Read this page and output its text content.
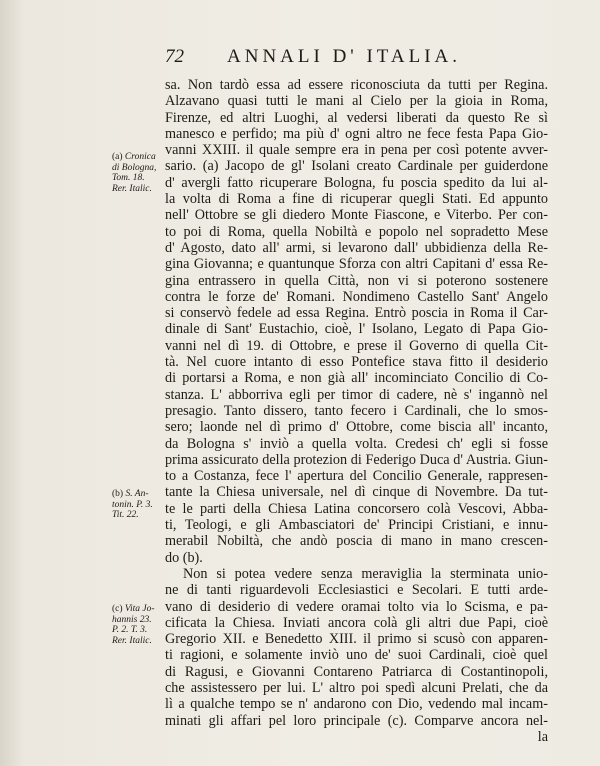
72 ANNALI D' ITALIA.
sa. Non tardò essa ad essere riconosciuta da tutti per Regina.
Alzavano quasi tutti le mani al Cielo per la gioia in Roma,
Firenze, ed altri Luoghi, al vedersi liberati da questo Re sì
manesco e perfido; ma più d' ogni altro ne fece festa Papa Gio-
vanni XXIII. il quale sempre era in pena per così potente avver-
sario. (a) Jacopo de gl' Isolani creato Cardinale per guiderdone
d' avergli fatto ricuperare Bologna, fu poscia spedito da lui al-
la volta di Roma a fine di ricuperar quegli Stati. Ed appunto
nell' Ottobre se gli diedero Monte Fiascone, e Viterbo. Per con-
to poi di Roma, quella Nobiltà e popolo nel sopradetto Mese
d' Agosto, dato all' armi, si levarono dall' ubbidienza della Re-
gina Giovanna; e quantunque Sforza con altri Capitani d' essa Re-
gina entrassero in quella Città, non vi si poterono sostenere
contra le forze de' Romani. Nondimeno Castello Sant' Angelo
si conservò fedele ad essa Regina. Entrò poscia in Roma il Car-
dinale di Sant' Eustachio, cioè, l' Isolano, Legato di Papa Gio-
vanni nel dì 19. di Ottobre, e prese il Governo di quella Cit-
tà. Nel cuore intanto di esso Pontefice stava fitto il desiderio
di portarsi a Roma, e non già all' incominciato Concilio di Co-
stanza. L' abborriva egli per timor di cadere, nè s' ingannò nel
presagio. Tanto dissero, tanto fecero i Cardinali, che lo smos-
sero; laonde nel dì primo d' Ottobre, come biscia all' incanto,
da Bologna s' inviò a quella volta. Credesi ch' egli si fosse
prima assicurato della protezion di Federigo Duca d' Austria. Giun-
to a Costanza, fece l' apertura del Concilio Generale, rappresen-
tante la Chiesa universale, nel dì cinque di Novembre. Da tut-
te le parti della Chiesa Latina concorsero colà Vescovi, Abba-
ti, Teologi, e gli Ambasciatori de' Principi Cristiani, e innu-
merabil Nobiltà, che andò poscia di mano in mano crescen-
do (b).
Non si potea vedere senza meraviglia la sterminata unio-
ne di tanti riguardevoli Ecclesiastici e Secolari. E tutti arde-
vano di desiderio di vedere oramai tolto via lo Scisma, e pa-
cificata la Chiesa. Inviati ancora colà gli altri due Papi, cioè
Gregorio XII. e Benedetto XIII. il primo si scusò con apparen-
ti ragioni, e solamente inviò uno de' suoi Cardinali, cioè quel
di Ragusi, e Giovanni Contareno Patriarca di Costantinopoli,
che assistessero per lui. L' altro poi spedì alcuni Prelati, che da
lì a qualche tempo se n' andarono con Dio, vedendo mal incam-
minati gli affari pel loro principale (c). Comparve ancora nel-
la
(a) Cronica
di Bologna,
Tom. 18.
Rer. Italic.
(b) S. An-
tonin. P. 3.
Tit. 22.
(c) Vita Jo-
hannis 23.
P. 2. T. 3.
Rer. Italic.
